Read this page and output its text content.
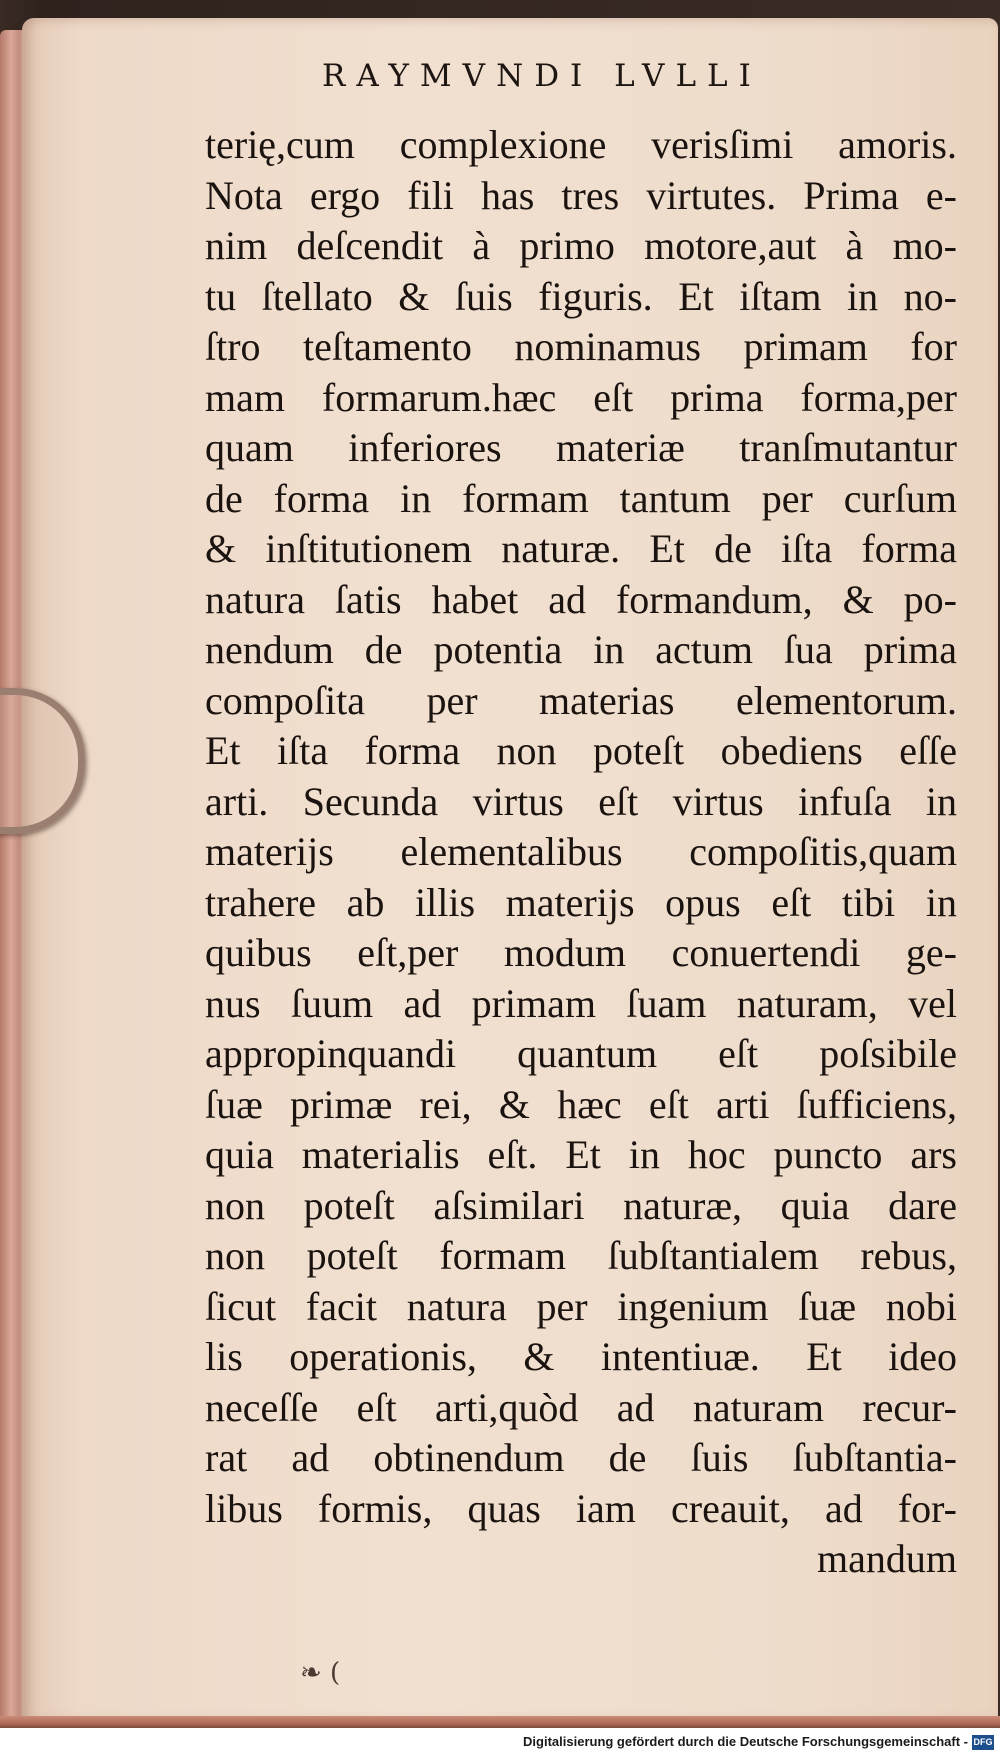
RAYMVNDI LVLLI
terię,cum complexione verisſimi amoris.
Nota ergo fili has tres virtutes. Prima e-
nim deſcendit à primo motore,aut à mo-
tu ſtellato & ſuis figuris. Et iſtam in no-
ſtro teſtamento nominamus primam for
mam formarum.hæc eſt prima forma,per
quam inferiores materiæ tranſmutantur
de forma in formam tantum per curſum
& inſtitutionem naturæ. Et de iſta forma
natura ſatis habet ad formandum, & po-
nendum de potentia in actum ſua prima
compoſita per materias elementorum.
Et iſta forma non poteſt obediens eſſe
arti. Secunda virtus eſt virtus infuſa in
materijs elementalibus compoſitis,quam
trahere ab illis materijs opus eſt tibi in
quibus eſt,per modum conuertendi ge-
nus ſuum ad primam ſuam naturam, vel
appropinquandi quantum eſt poſsibile
ſuæ primæ rei, & hæc eſt arti ſufficiens,
quia materialis eſt. Et in hoc puncto ars
non poteſt aſsimilari naturæ, quia dare
non poteſt formam ſubſtantialem rebus,
ſicut facit natura per ingenium ſuæ nobi
lis operationis, & intentiuæ. Et ideo
neceſſe eſt arti,quòd ad naturam recur-
rat ad obtinendum de ſuis ſubſtantia-
libus formis, quas iam creauit, ad for-
mandum
❧ (
Digitalisierung gefördert durch die Deutsche Forschungsgemeinschaft - DFG
